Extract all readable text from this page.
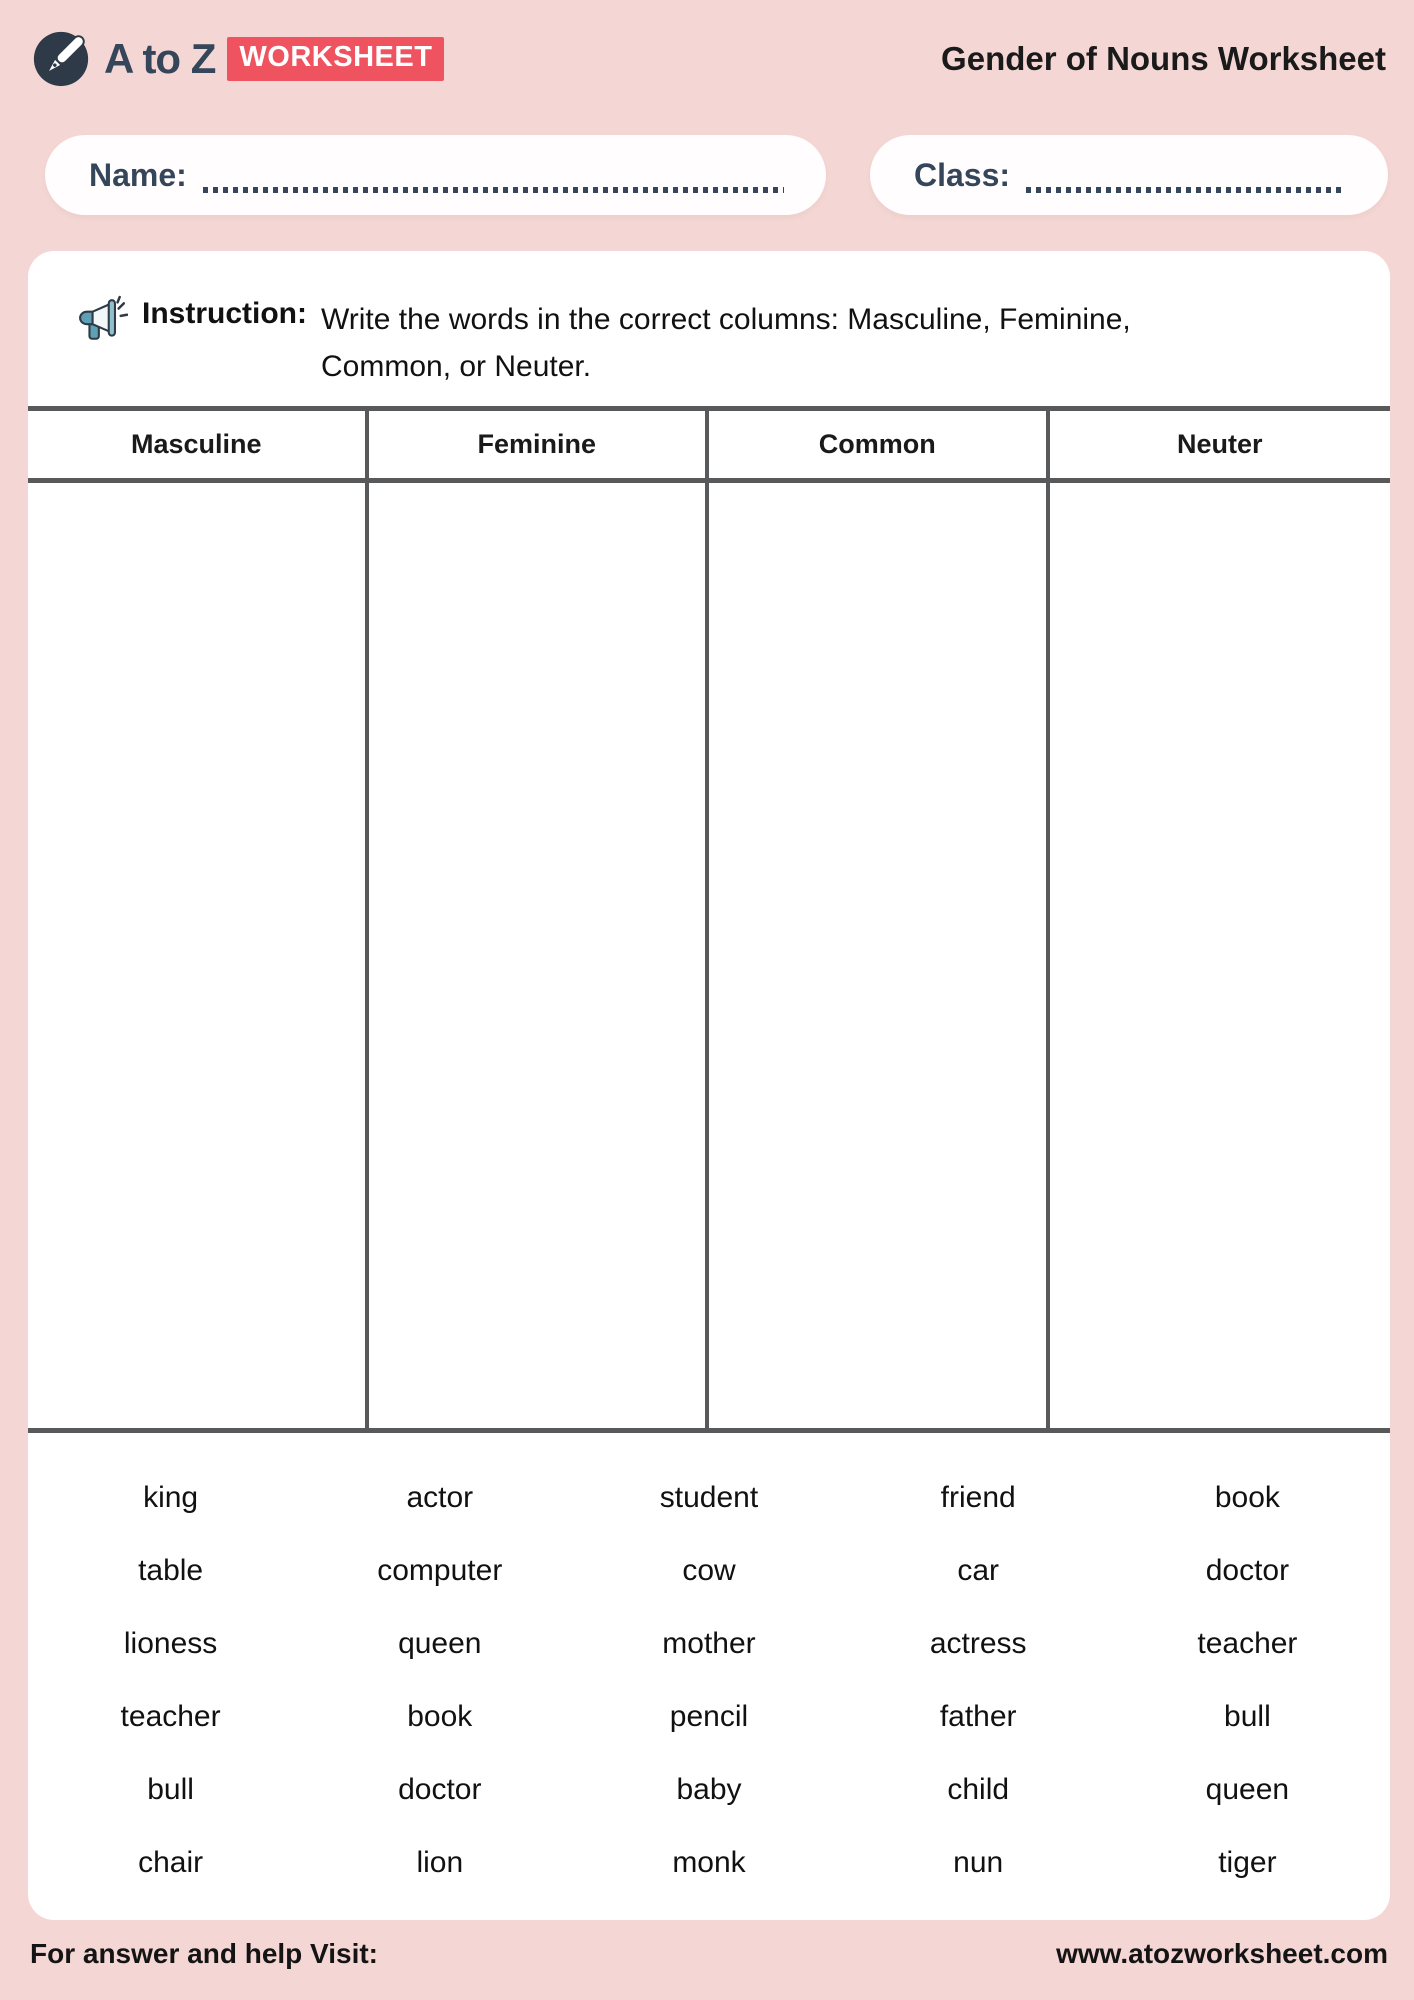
A to Z WORKSHEET	Gender of Nouns Worksheet
Name:	Class:
Instruction: Write the words in the correct columns: Masculine, Feminine,
Common, or Neuter.
Masculine	Feminine	Common	Neuter
king	actor	student	friend	book
table	computer	cow	car	doctor
lioness	queen	mother	actress	teacher
teacher	book	pencil	father	bull
bull	doctor	baby	child	queen
chair	lion	monk	nun	tiger
For answer and help Visit:	www.atozworksheet.com
